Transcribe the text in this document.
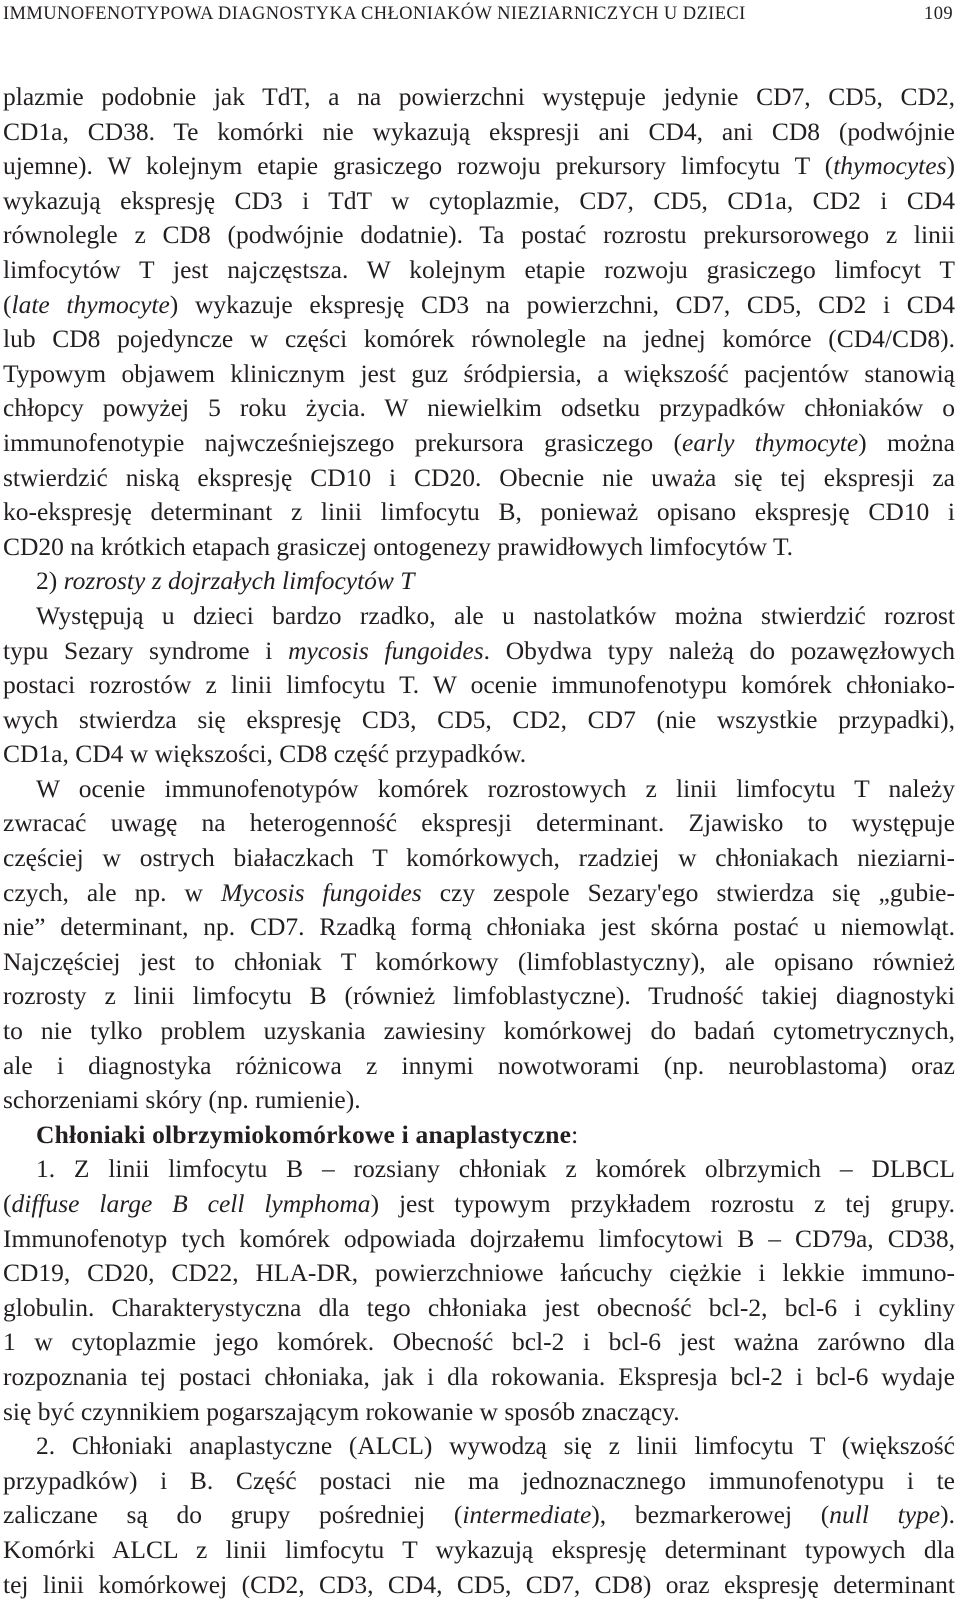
IMMUNOFENOTYPOWA DIAGNOSTYKA CHŁONIAKÓW NIEZIARNICZYCH U DZIECI	109
plazmie podobnie jak TdT, a na powierzchni występuje jedynie CD7, CD5, CD2,
CD1a, CD38. Te komórki nie wykazują ekspresji ani CD4, ani CD8 (podwójnie
ujemne). W kolejnym etapie grasiczego rozwoju prekursory limfocytu T (thymocytes)
wykazują ekspresję CD3 i TdT w cytoplazmie, CD7, CD5, CD1a, CD2 i CD4
równolegle z CD8 (podwójnie dodatnie). Ta postać rozrostu prekursorowego z linii
limfocytów T jest najczęstsza. W kolejnym etapie rozwoju grasiczego limfocyt T
(late thymocyte) wykazuje ekspresję CD3 na powierzchni, CD7, CD5, CD2 i CD4
lub CD8 pojedyncze w części komórek równolegle na jednej komórce (CD4/CD8).
Typowym objawem klinicznym jest guz śródpiersia, a większość pacjentów stanowią
chłopcy powyżej 5 roku życia. W niewielkim odsetku przypadków chłoniaków o
immunofenotypie najwcześniejszego prekursora grasiczego (early thymocyte) można
stwierdzić niską ekspresję CD10 i CD20. Obecnie nie uważa się tej ekspresji za
ko-ekspresję determinant z linii limfocytu B, ponieważ opisano ekspresję CD10 i
CD20 na krótkich etapach grasiczej ontogenezy prawidłowych limfocytów T.
2) rozrosty z dojrzałych limfocytów T
Występują u dzieci bardzo rzadko, ale u nastolatków można stwierdzić rozrost
typu Sezary syndrome i mycosis fungoides. Obydwa typy należą do pozawęzłowych
postaci rozrostów z linii limfocytu T. W ocenie immunofenotypu komórek chłoniako-
wych stwierdza się ekspresję CD3, CD5, CD2, CD7 (nie wszystkie przypadki),
CD1a, CD4 w większości, CD8 część przypadków.
W ocenie immunofenotypów komórek rozrostowych z linii limfocytu T należy
zwracać uwagę na heterogenność ekspresji determinant. Zjawisko to występuje
częściej w ostrych białaczkach T komórkowych, rzadziej w chłoniakach nieziarni-
czych, ale np. w Mycosis fungoides czy zespole Sezary'ego stwierdza się „gubie-
nie” determinant, np. CD7. Rzadką formą chłoniaka jest skórna postać u niemowląt.
Najczęściej jest to chłoniak T komórkowy (limfoblastyczny), ale opisano również
rozrosty z linii limfocytu B (również limfoblastyczne). Trudność takiej diagnostyki
to nie tylko problem uzyskania zawiesiny komórkowej do badań cytometrycznych,
ale i diagnostyka różnicowa z innymi nowotworami (np. neuroblastoma) oraz
schorzeniami skóry (np. rumienie).
Chłoniaki olbrzymiokomórkowe i anaplastyczne:
1. Z linii limfocytu B – rozsiany chłoniak z komórek olbrzymich – DLBCL
(diffuse large B cell lymphoma) jest typowym przykładem rozrostu z tej grupy.
Immunofenotyp tych komórek odpowiada dojrzałemu limfocytowi B – CD79a, CD38,
CD19, CD20, CD22, HLA-DR, powierzchniowe łańcuchy ciężkie i lekkie immuno-
globulin. Charakterystyczna dla tego chłoniaka jest obecność bcl-2, bcl-6 i cykliny
1 w cytoplazmie jego komórek. Obecność bcl-2 i bcl-6 jest ważna zarówno dla
rozpoznania tej postaci chłoniaka, jak i dla rokowania. Ekspresja bcl-2 i bcl-6 wydaje
się być czynnikiem pogarszającym rokowanie w sposób znaczący.
2. Chłoniaki anaplastyczne (ALCL) wywodzą się z linii limfocytu T (większość
przypadków) i B. Część postaci nie ma jednoznacznego immunofenotypu i te
zaliczane są do grupy pośredniej (intermediate), bezmarkerowej (null type).
Komórki ALCL z linii limfocytu T wykazują ekspresję determinant typowych dla
tej linii komórkowej (CD2, CD3, CD4, CD5, CD7, CD8) oraz ekspresję determinant
